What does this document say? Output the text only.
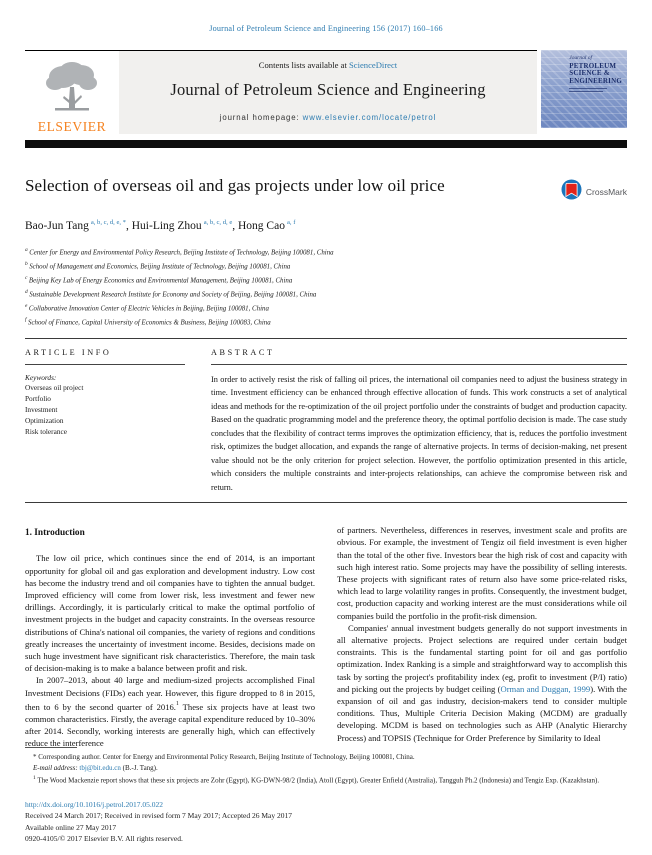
Journal of Petroleum Science and Engineering 156 (2017) 160–166
ELSEVIER
Contents lists available at ScienceDirect
Journal of Petroleum Science and Engineering
journal homepage: www.elsevier.com/locate/petrol
Journal of
PETROLEUM
SCIENCE &
ENGINEERING
Selection of overseas oil and gas projects under low oil price	CrossMark
Bao-Jun Tang $^{a, b, c, d, e, *}$, Hui-Ling Zhou $^{a, b, c, d, e}$, Hong Cao $^{a, f}$
$^a$ Center for Energy and Environmental Policy Research, Beijing Institute of Technology, Beijing 100081, China
$^b$ School of Management and Economics, Beijing Institute of Technology, Beijing 100081, China
$^c$ Beijing Key Lab of Energy Economics and Environmental Management, Beijing 100081, China
$^d$ Sustainable Development Research Institute for Economy and Society of Beijing, Beijing 100081, China
$^e$ Collaborative Innovation Center of Electric Vehicles in Beijing, Beijing 100081, China
$^f$ School of Finance, Capital University of Economics & Business, Beijing 100083, China
ARTICLE INFO
Keywords:
Overseas oil project
Portfolio
Investment
Optimization
Risk tolerance
ABSTRACT
In order to actively resist the risk of falling oil prices, the international oil companies need to adjust the business strategy in time. Investment efficiency can be enhanced through effective allocation of funds. This work constructs a set of analytical ideas and methods for the re-optimization of the oil project portfolio under the constraints of budget and production capacity. Based on the quadratic programming model and the preference theory, the optimal portfolio decision is made. The case study concludes that the flexibility of contract terms improves the optimization efficiency, that is, reduces the portfolio investment risk, optimizes the budget allocation, and expands the range of alternative projects. In terms of decision-making, net present value should not be the only criterion for project selection. However, the portfolio optimization presented in this article, which considers the multiple constraints and inter-projects relationships, can achieve the compromise between risk and return.
1. Introduction

The low oil price, which continues since the end of 2014, is an important opportunity for global oil and gas exploration and development industry. Low cost has become the industry trend and oil companies have to tighten the annual budget. Improved efficiency will come from lower risk, less investment and fewer new drillings. Accordingly, it is particularly critical to make the optimal portfolio of investment projects in the budget and capacity constraints. In the overseas resource distributions of China's national oil companies, the variety of regions and conditions greatly increases the uncertainty of investment income. Besides, decisions made on such huge investment have significant risk characteristics. Therefore, the main task of decision-making is to make a balance between profit and risk.

In 2007–2013, about 40 large and medium-sized projects accomplished Final Investment Decisions (FIDs) each year. However, this figure dropped to 8 in 2015, then to 6 by the second quarter of 2016.$^1$ These six projects have at least two common characteristics. Firstly, the average capital expenditure reduced by 10–30% after 2014. Secondly, working interests are generally high, which can effectively reduce the interference

of partners. Nevertheless, differences in reserves, investment scale and profits are obvious. For example, the investment of Tengiz oil field investment is even higher than the total of the other five. Investors bear the high risk of cost and capacity with such high interest ratio. Some projects may have the possibility of selling interests. These projects with significant rates of return also have some price-related risks, which lead to large volatility ranges in profits. Consequently, the investment budget, cost, production capacity and working interest are the must considerations while oil companies build the portfolio in the profit-risk dimension.

Companies' annual investment budgets generally do not support investments in all alternative projects. Project selections are required under certain budget constraints. This is the fundamental starting point for oil and gas portfolio optimization. Index Ranking is a simple and straightforward way to accomplish this task by sorting the project's profitability index (eg, profit to investment (P/I) ratio) and picking out the projects by budget ceiling (Orman and Duggan, 1999). With the expansion of oil and gas industry, decision-makers tend to consider multiple conditions. Thus, Multiple Criteria Decision Making (MCDM) are gradually developing. MCDM is based on technologies such as AHP (Analytic Hierarchy Process) and TOPSIS (Technique for Order Preference by Similarity to Ideal

* Corresponding author. Center for Energy and Environmental Policy Research, Beijing Institute of Technology, Beijing 100081, China.
E-mail address: tbj@bit.edu.cn (B.-J. Tang).
$^1$ The Wood Mackenzie report shows that these six projects are Zohr (Egypt), KG-DWN-98/2 (India), Atoll (Egypt), Greater Enfield (Australia), Tangguh Ph.2 (Indonesia) and Tengiz Exp. (Kazakhstan).
http://dx.doi.org/10.1016/j.petrol.2017.05.022
Received 24 March 2017; Received in revised form 7 May 2017; Accepted 26 May 2017
Available online 27 May 2017
0920-4105/© 2017 Elsevier B.V. All rights reserved.
